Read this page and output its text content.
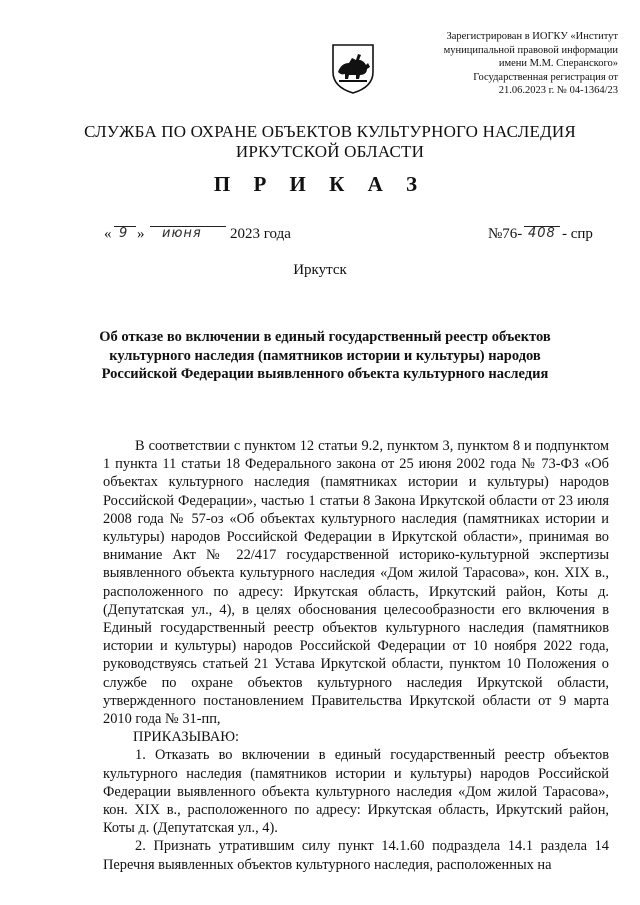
Зарегистрирован в ИОГКУ «Институт
муниципальной правовой информации
имени М.М. Сперанского»
Государственная регистрация от
21.06.2023 г. № 04-1364/23
СЛУЖБА ПО ОХРАНЕ ОБЪЕКТОВ КУЛЬТУРНОГО НАСЛЕДИЯ
ИРКУТСКОЙ ОБЛАСТИ
П Р И К А З
« 9 » июня 2023 года	№76- 408 - спр
Иркутск
Об отказе во включении в единый государственный реестр объектов
культурного наследия (памятников истории и культуры) народов
Российской Федерации выявленного объекта культурного наследия

В соответствии с пунктом 12 статьи 9.2, пунктом 3, пунктом 8 и подпунктом 1 пункта 11 статьи 18 Федерального закона от 25 июня 2002 года № 73-ФЗ «Об объектах культурного наследия (памятниках истории и культуры) народов Российской Федерации», частью 1 статьи 8 Закона Иркутской области от 23 июля 2008 года № 57-оз «Об объектах культурного наследия (памятниках истории и культуры) народов Российской Федерации в Иркутской области», принимая во внимание Акт № 22/417 государственной историко-культурной экспертизы выявленного объекта культурного наследия «Дом жилой Тарасова», кон. XIX в., расположенного по адресу: Иркутская область, Иркутский район, Коты д. (Депутатская ул., 4), в целях обоснования целесообразности его включения в Единый государственный реестр объектов культурного наследия (памятников истории и культуры) народов Российской Федерации от 10 ноября 2022 года, руководствуясь статьей 21 Устава Иркутской области, пунктом 10 Положения о службе по охране объектов культурного наследия Иркутской области, утвержденного постановлением Правительства Иркутской области от 9 марта 2010 года № 31-пп,

ПРИКАЗЫВАЮ:

1. Отказать во включении в единый государственный реестр объектов культурного наследия (памятников истории и культуры) народов Российской Федерации выявленного объекта культурного наследия «Дом жилой Тарасова», кон. XIX в., расположенного по адресу: Иркутская область, Иркутский район, Коты д. (Депутатская ул., 4).

2. Признать утратившим силу пункт 14.1.60 подраздела 14.1 раздела 14 Перечня выявленных объектов культурного наследия, расположенных на
